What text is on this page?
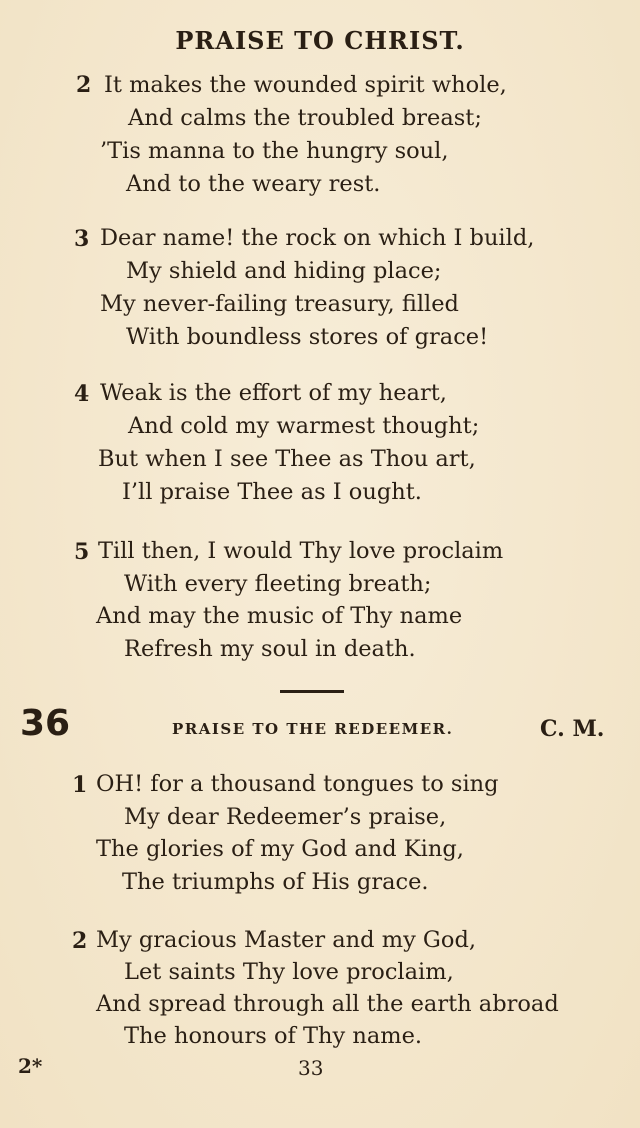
PRAISE TO CHRIST.
2 It makes the wounded spirit whole,
And calms the troubled breast;
’Tis manna to the hungry soul,
And to the weary rest.
3 Dear name! the rock on which I build,
My shield and hiding place;
My never-failing treasury, filled
With boundless stores of grace!
4 Weak is the effort of my heart,
And cold my warmest thought;
But when I see Thee as Thou art,
I’ll praise Thee as I ought.
5 Till then, I would Thy love proclaim
With every fleeting breath;
And may the music of Thy name
Refresh my soul in death.
36	PRAISE TO THE REDEEMER.	C. M.
1 OH! for a thousand tongues to sing
My dear Redeemer’s praise,
The glories of my God and King,
The triumphs of His grace.
2 My gracious Master and my God,
Let saints Thy love proclaim,
And spread through all the earth abroad
The honours of Thy name.
2*	33
